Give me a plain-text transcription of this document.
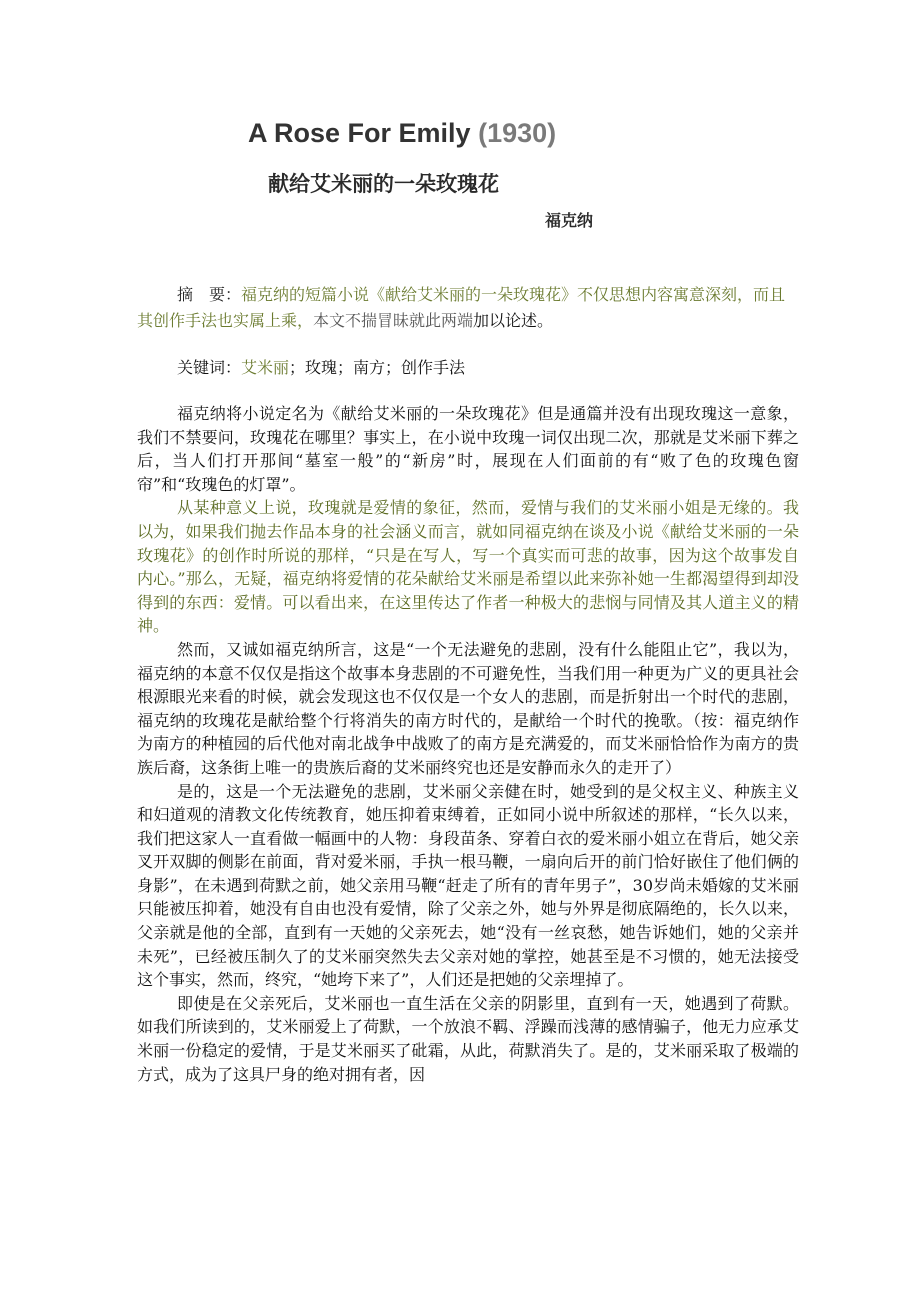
A Rose For Emily (1930)
献给艾米丽的一朵玫瑰花
福克纳

摘　要：福克纳的短篇小说《献给艾米丽的一朵玫瑰花》不仅思想内容寓意深刻，而且其创作手法也实属上乘，本文不揣冒昧就此两端加以论述。

关键词：艾米丽；玫瑰；南方；创作手法

福克纳将小说定名为《献给艾米丽的一朵玫瑰花》但是通篇并没有出现玫瑰这一意象，我们不禁要问，玫瑰花在哪里？事实上，在小说中玫瑰一词仅出现二次，那就是艾米丽下葬之后，当人们打开那间“墓室一般”的“新房”时，展现在人们面前的有“败了色的玫瑰色窗帘”和“玫瑰色的灯罩”。

从某种意义上说，玫瑰就是爱情的象征，然而，爱情与我们的艾米丽小姐是无缘的。我以为，如果我们抛去作品本身的社会涵义而言，就如同福克纳在谈及小说《献给艾米丽的一朵玫瑰花》的创作时所说的那样，“只是在写人，写一个真实而可悲的故事，因为这个故事发自内心。”那么，无疑，福克纳将爱情的花朵献给艾米丽是希望以此来弥补她一生都渴望得到却没得到的东西：爱情。可以看出来，在这里传达了作者一种极大的悲悯与同情及其人道主义的精神。

然而，又诚如福克纳所言，这是“一个无法避免的悲剧，没有什么能阻止它”，我以为，福克纳的本意不仅仅是指这个故事本身悲剧的不可避免性，当我们用一种更为广义的更具社会根源眼光来看的时候，就会发现这也不仅仅是一个女人的悲剧，而是折射出一个时代的悲剧，福克纳的玫瑰花是献给整个行将消失的南方时代的，是献给一个时代的挽歌。（按：福克纳作为南方的种植园的后代他对南北战争中战败了的南方是充满爱的，而艾米丽恰恰作为南方的贵族后裔，这条街上唯一的贵族后裔的艾米丽终究也还是安静而永久的走开了）

是的，这是一个无法避免的悲剧，艾米丽父亲健在时，她受到的是父权主义、种族主义和妇道观的清教文化传统教育，她压抑着束缚着，正如同小说中所叙述的那样，“长久以来，我们把这家人一直看做一幅画中的人物：身段苗条、穿着白衣的爱米丽小姐立在背后，她父亲叉开双脚的侧影在前面，背对爱米丽，手执一根马鞭，一扇向后开的前门恰好嵌住了他们俩的身影”，在未遇到荷默之前，她父亲用马鞭“赶走了所有的青年男子”，30岁尚未婚嫁的艾米丽只能被压抑着，她没有自由也没有爱情，除了父亲之外，她与外界是彻底隔绝的，长久以来，父亲就是他的全部，直到有一天她的父亲死去，她“没有一丝哀愁，她告诉她们，她的父亲并未死”，已经被压制久了的艾米丽突然失去父亲对她的掌控，她甚至是不习惯的，她无法接受这个事实，然而，终究，“她垮下来了”，人们还是把她的父亲埋掉了。

即使是在父亲死后，艾米丽也一直生活在父亲的阴影里，直到有一天，她遇到了荷默。如我们所读到的，艾米丽爱上了荷默，一个放浪不羁、浮躁而浅薄的感情骗子，他无力应承艾米丽一份稳定的爱情，于是艾米丽买了砒霜，从此，荷默消失了。是的，艾米丽采取了极端的方式，成为了这具尸身的绝对拥有者，因
